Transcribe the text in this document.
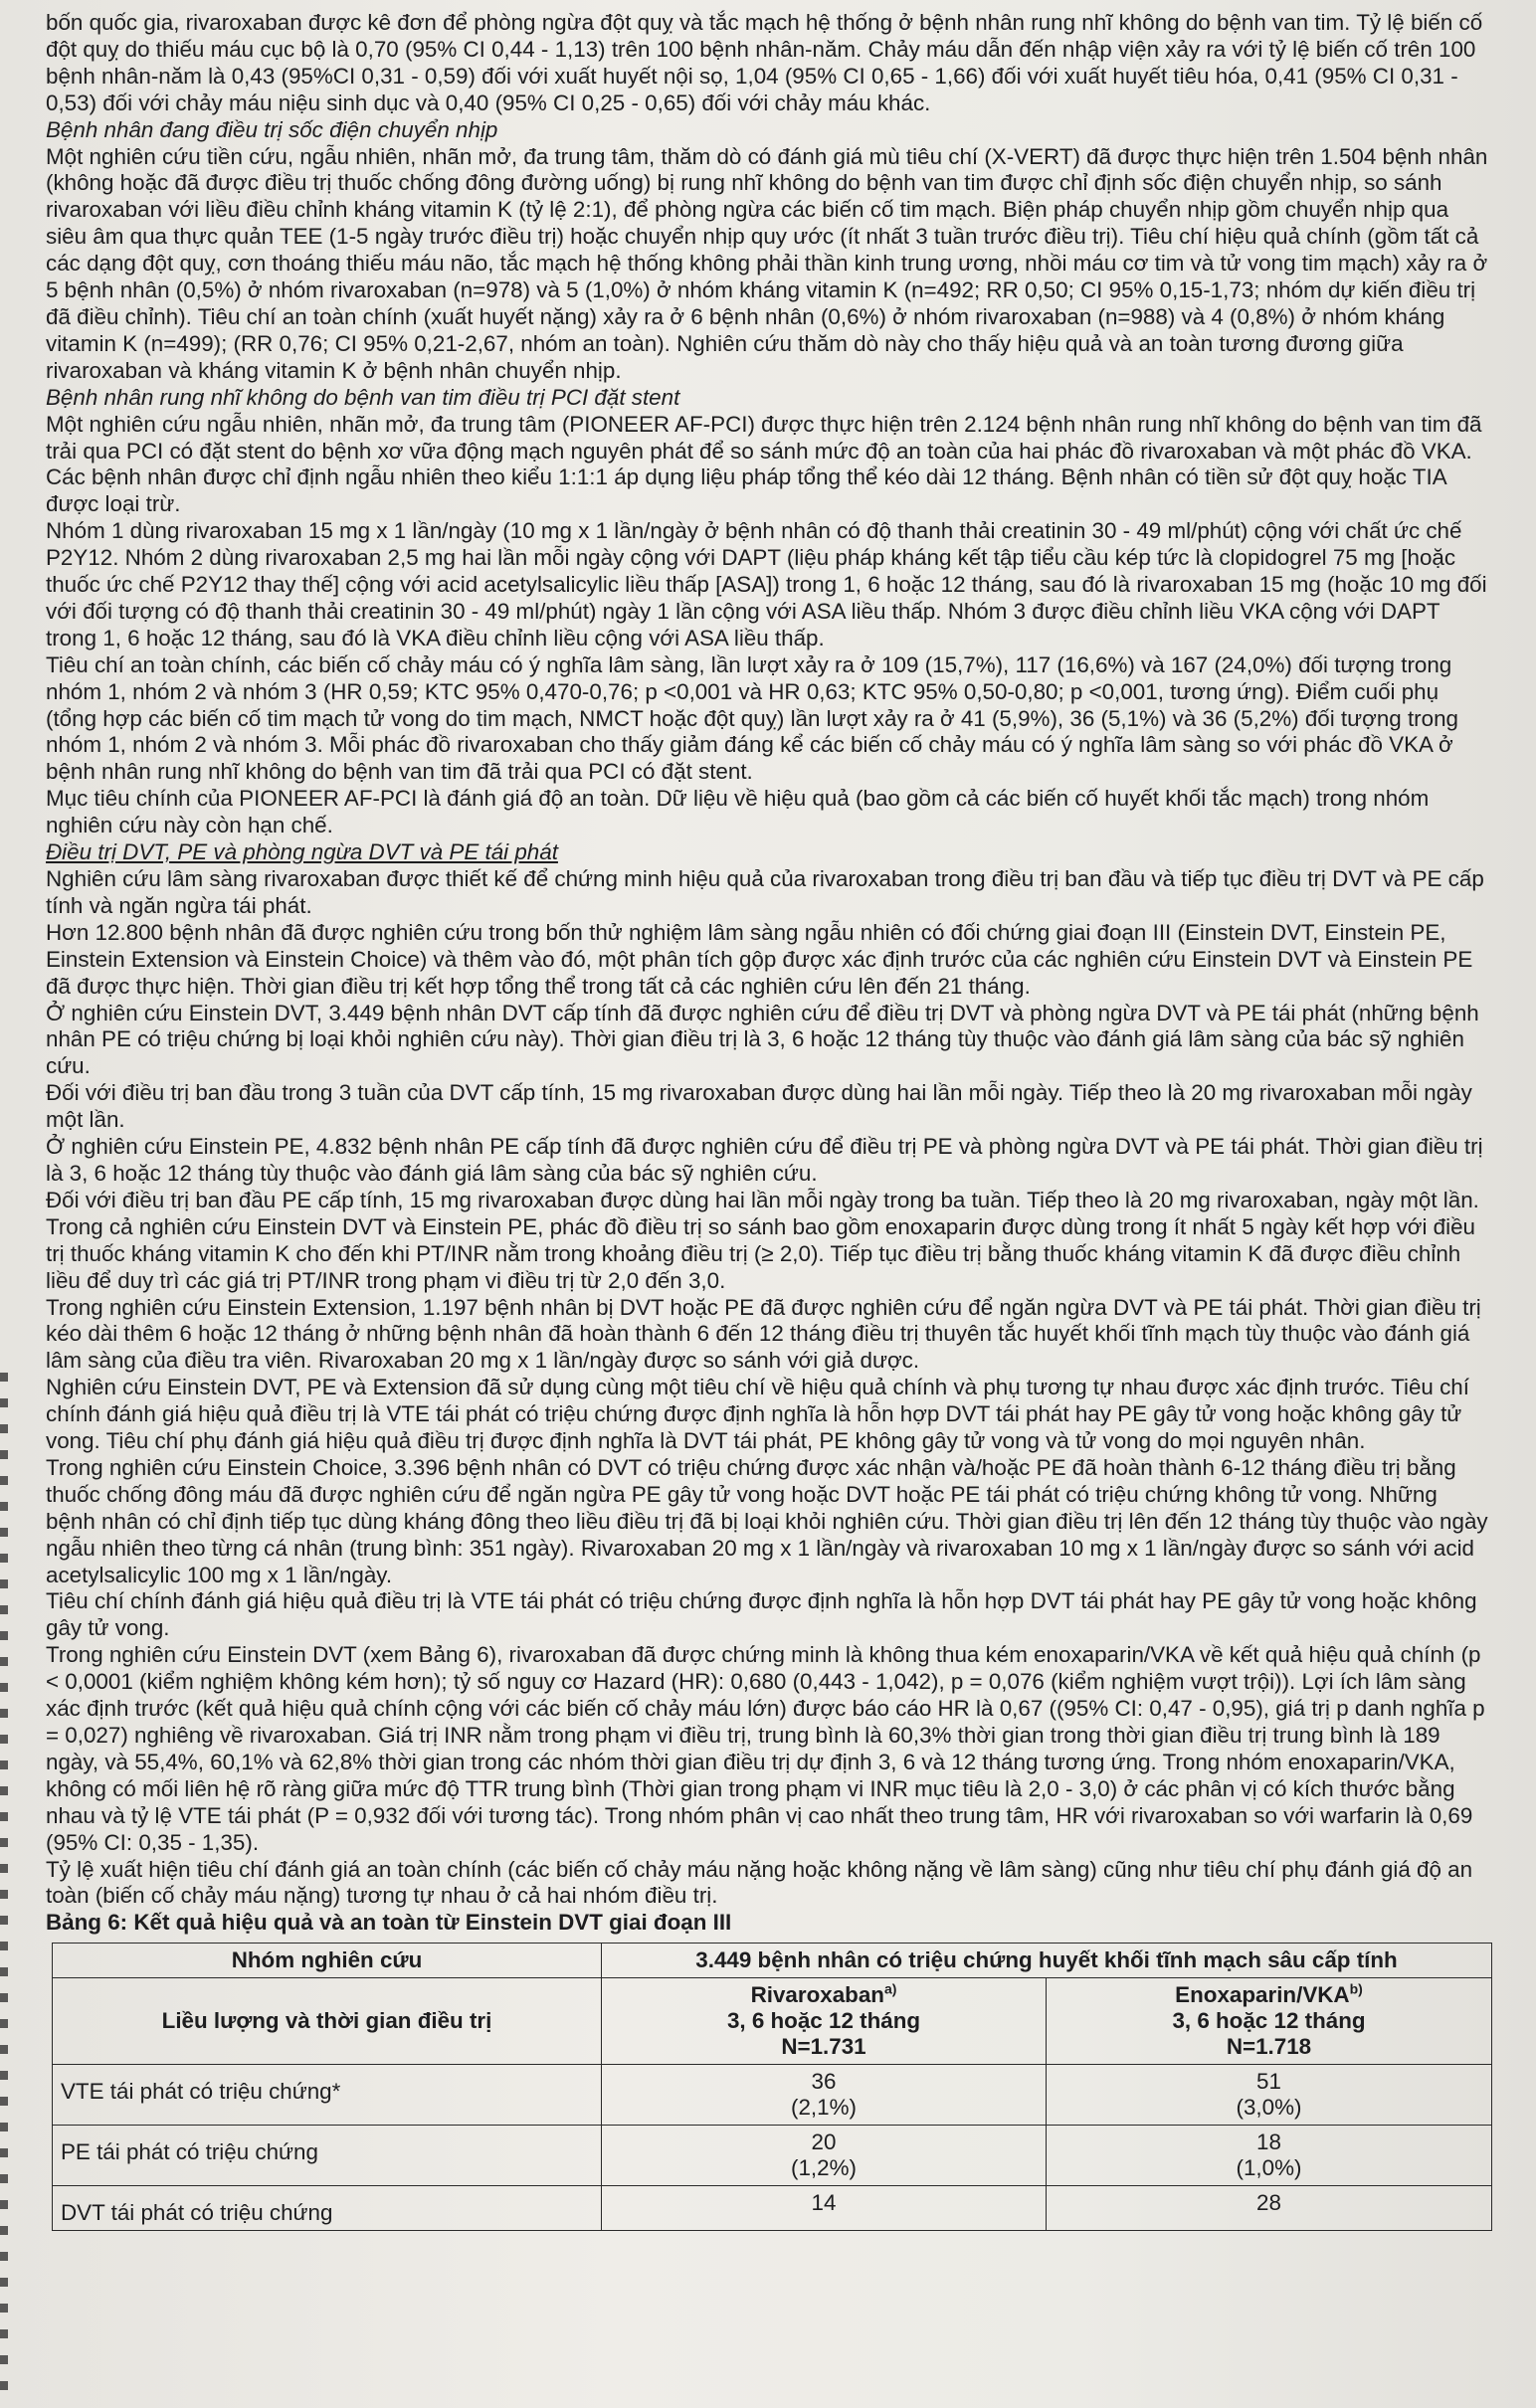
bốn quốc gia, rivaroxaban được kê đơn để phòng ngừa đột quỵ và tắc mạch hệ thống ở bệnh nhân rung nhĩ không do bệnh van tim. Tỷ lệ biến cố đột quỵ do thiếu máu cục bộ là 0,70 (95% CI 0,44 - 1,13) trên 100 bệnh nhân-năm. Chảy máu dẫn đến nhập viện xảy ra với tỷ lệ biến cố trên 100 bệnh nhân-năm là 0,43 (95%CI 0,31 - 0,59) đối với xuất huyết nội sọ, 1,04 (95% CI 0,65 - 1,66) đối với xuất huyết tiêu hóa, 0,41 (95% CI 0,31 - 0,53) đối với chảy máu niệu sinh dục và 0,40 (95% CI 0,25 - 0,65) đối với chảy máu khác.

Bệnh nhân đang điều trị sốc điện chuyển nhịp

Một nghiên cứu tiền cứu, ngẫu nhiên, nhãn mở, đa trung tâm, thăm dò có đánh giá mù tiêu chí (X-VERT) đã được thực hiện trên 1.504 bệnh nhân (không hoặc đã được điều trị thuốc chống đông đường uống) bị rung nhĩ không do bệnh van tim được chỉ định sốc điện chuyển nhịp, so sánh rivaroxaban với liều điều chỉnh kháng vitamin K (tỷ lệ 2:1), để phòng ngừa các biến cố tim mạch. Biện pháp chuyển nhịp gồm chuyển nhịp qua siêu âm qua thực quản TEE (1-5 ngày trước điều trị) hoặc chuyển nhịp quy ước (ít nhất 3 tuần trước điều trị). Tiêu chí hiệu quả chính (gồm tất cả các dạng đột quỵ, cơn thoáng thiếu máu não, tắc mạch hệ thống không phải thần kinh trung ương, nhồi máu cơ tim và tử vong tim mạch) xảy ra ở 5 bệnh nhân (0,5%) ở nhóm rivaroxaban (n=978) và 5 (1,0%) ở nhóm kháng vitamin K (n=492; RR 0,50; CI 95% 0,15-1,73; nhóm dự kiến điều trị đã điều chỉnh). Tiêu chí an toàn chính (xuất huyết nặng) xảy ra ở 6 bệnh nhân (0,6%) ở nhóm rivaroxaban (n=988) và 4 (0,8%) ở nhóm kháng vitamin K (n=499); (RR 0,76; CI 95% 0,21-2,67, nhóm an toàn). Nghiên cứu thăm dò này cho thấy hiệu quả và an toàn tương đương giữa rivaroxaban và kháng vitamin K ở bệnh nhân chuyển nhịp.

Bệnh nhân rung nhĩ không do bệnh van tim điều trị PCI đặt stent

Một nghiên cứu ngẫu nhiên, nhãn mở, đa trung tâm (PIONEER AF-PCI) được thực hiện trên 2.124 bệnh nhân rung nhĩ không do bệnh van tim đã trải qua PCI có đặt stent do bệnh xơ vữa động mạch nguyên phát để so sánh mức độ an toàn của hai phác đồ rivaroxaban và một phác đồ VKA. Các bệnh nhân được chỉ định ngẫu nhiên theo kiểu 1:1:1 áp dụng liệu pháp tổng thể kéo dài 12 tháng. Bệnh nhân có tiền sử đột quỵ hoặc TIA được loại trừ.

Nhóm 1 dùng rivaroxaban 15 mg x 1 lần/ngày (10 mg x 1 lần/ngày ở bệnh nhân có độ thanh thải creatinin 30 - 49 ml/phút) cộng với chất ức chế P2Y12. Nhóm 2 dùng rivaroxaban 2,5 mg hai lần mỗi ngày cộng với DAPT (liệu pháp kháng kết tập tiểu cầu kép tức là clopidogrel 75 mg [hoặc thuốc ức chế P2Y12 thay thế] cộng với acid acetylsalicylic liều thấp [ASA]) trong 1, 6 hoặc 12 tháng, sau đó là rivaroxaban 15 mg (hoặc 10 mg đối với đối tượng có độ thanh thải creatinin 30 - 49 ml/phút) ngày 1 lần cộng với ASA liều thấp. Nhóm 3 được điều chỉnh liều VKA cộng với DAPT trong 1, 6 hoặc 12 tháng, sau đó là VKA điều chỉnh liều cộng với ASA liều thấp.

Tiêu chí an toàn chính, các biến cố chảy máu có ý nghĩa lâm sàng, lần lượt xảy ra ở 109 (15,7%), 117 (16,6%) và 167 (24,0%) đối tượng trong nhóm 1, nhóm 2 và nhóm 3 (HR 0,59; KTC 95% 0,470-0,76; p <0,001 và HR 0,63; KTC 95% 0,50-0,80; p <0,001, tương ứng). Điểm cuối phụ (tổng hợp các biến cố tim mạch tử vong do tim mạch, NMCT hoặc đột quỵ) lần lượt xảy ra ở 41 (5,9%), 36 (5,1%) và 36 (5,2%) đối tượng trong nhóm 1, nhóm 2 và nhóm 3. Mỗi phác đồ rivaroxaban cho thấy giảm đáng kể các biến cố chảy máu có ý nghĩa lâm sàng so với phác đồ VKA ở bệnh nhân rung nhĩ không do bệnh van tim đã trải qua PCI có đặt stent.

Mục tiêu chính của PIONEER AF-PCI là đánh giá độ an toàn. Dữ liệu về hiệu quả (bao gồm cả các biến cố huyết khối tắc mạch) trong nhóm nghiên cứu này còn hạn chế.

Điều trị DVT, PE và phòng ngừa DVT và PE tái phát

Nghiên cứu lâm sàng rivaroxaban được thiết kế để chứng minh hiệu quả của rivaroxaban trong điều trị ban đầu và tiếp tục điều trị DVT và PE cấp tính và ngăn ngừa tái phát.

Hơn 12.800 bệnh nhân đã được nghiên cứu trong bốn thử nghiệm lâm sàng ngẫu nhiên có đối chứng giai đoạn III (Einstein DVT, Einstein PE, Einstein Extension và Einstein Choice) và thêm vào đó, một phân tích gộp được xác định trước của các nghiên cứu Einstein DVT và Einstein PE đã được thực hiện. Thời gian điều trị kết hợp tổng thể trong tất cả các nghiên cứu lên đến 21 tháng.

Ở nghiên cứu Einstein DVT, 3.449 bệnh nhân DVT cấp tính đã được nghiên cứu để điều trị DVT và phòng ngừa DVT và PE tái phát (những bệnh nhân PE có triệu chứng bị loại khỏi nghiên cứu này). Thời gian điều trị là 3, 6 hoặc 12 tháng tùy thuộc vào đánh giá lâm sàng của bác sỹ nghiên cứu.

Đối với điều trị ban đầu trong 3 tuần của DVT cấp tính, 15 mg rivaroxaban được dùng hai lần mỗi ngày. Tiếp theo là 20 mg rivaroxaban mỗi ngày một lần.

Ở nghiên cứu Einstein PE, 4.832 bệnh nhân PE cấp tính đã được nghiên cứu để điều trị PE và phòng ngừa DVT và PE tái phát. Thời gian điều trị là 3, 6 hoặc 12 tháng tùy thuộc vào đánh giá lâm sàng của bác sỹ nghiên cứu.

Đối với điều trị ban đầu PE cấp tính, 15 mg rivaroxaban được dùng hai lần mỗi ngày trong ba tuần. Tiếp theo là 20 mg rivaroxaban, ngày một lần.

Trong cả nghiên cứu Einstein DVT và Einstein PE, phác đồ điều trị so sánh bao gồm enoxaparin được dùng trong ít nhất 5 ngày kết hợp với điều trị thuốc kháng vitamin K cho đến khi PT/INR nằm trong khoảng điều trị (≥ 2,0). Tiếp tục điều trị bằng thuốc kháng vitamin K đã được điều chỉnh liều để duy trì các giá trị PT/INR trong phạm vi điều trị từ 2,0 đến 3,0.

Trong nghiên cứu Einstein Extension, 1.197 bệnh nhân bị DVT hoặc PE đã được nghiên cứu để ngăn ngừa DVT và PE tái phát. Thời gian điều trị kéo dài thêm 6 hoặc 12 tháng ở những bệnh nhân đã hoàn thành 6 đến 12 tháng điều trị thuyên tắc huyết khối tĩnh mạch tùy thuộc vào đánh giá lâm sàng của điều tra viên. Rivaroxaban 20 mg x 1 lần/ngày được so sánh với giả dược.

Nghiên cứu Einstein DVT, PE và Extension đã sử dụng cùng một tiêu chí về hiệu quả chính và phụ tương tự nhau được xác định trước. Tiêu chí chính đánh giá hiệu quả điều trị là VTE tái phát có triệu chứng được định nghĩa là hỗn hợp DVT tái phát hay PE gây tử vong hoặc không gây tử vong. Tiêu chí phụ đánh giá hiệu quả điều trị được định nghĩa là DVT tái phát, PE không gây tử vong và tử vong do mọi nguyên nhân.

Trong nghiên cứu Einstein Choice, 3.396 bệnh nhân có DVT có triệu chứng được xác nhận và/hoặc PE đã hoàn thành 6-12 tháng điều trị bằng thuốc chống đông máu đã được nghiên cứu để ngăn ngừa PE gây tử vong hoặc DVT hoặc PE tái phát có triệu chứng không tử vong. Những bệnh nhân có chỉ định tiếp tục dùng kháng đông theo liều điều trị đã bị loại khỏi nghiên cứu. Thời gian điều trị lên đến 12 tháng tùy thuộc vào ngày ngẫu nhiên theo từng cá nhân (trung bình: 351 ngày). Rivaroxaban 20 mg x 1 lần/ngày và rivaroxaban 10 mg x 1 lần/ngày được so sánh với acid acetylsalicylic 100 mg x 1 lần/ngày.

Tiêu chí chính đánh giá hiệu quả điều trị là VTE tái phát có triệu chứng được định nghĩa là hỗn hợp DVT tái phát hay PE gây tử vong hoặc không gây tử vong.

Trong nghiên cứu Einstein DVT (xem Bảng 6), rivaroxaban đã được chứng minh là không thua kém enoxaparin/VKA về kết quả hiệu quả chính (p < 0,0001 (kiểm nghiệm không kém hơn); tỷ số nguy cơ Hazard (HR): 0,680 (0,443 - 1,042), p = 0,076 (kiểm nghiệm vượt trội)). Lợi ích lâm sàng xác định trước (kết quả hiệu quả chính cộng với các biến cố chảy máu lớn) được báo cáo HR là 0,67 ((95% CI: 0,47 - 0,95), giá trị p danh nghĩa p = 0,027) nghiêng về rivaroxaban. Giá trị INR nằm trong phạm vi điều trị, trung bình là 60,3% thời gian trong thời gian điều trị trung bình là 189 ngày, và 55,4%, 60,1% và 62,8% thời gian trong các nhóm thời gian điều trị dự định 3, 6 và 12 tháng tương ứng. Trong nhóm enoxaparin/VKA, không có mối liên hệ rõ ràng giữa mức độ TTR trung bình (Thời gian trong phạm vi INR mục tiêu là 2,0 - 3,0) ở các phân vị có kích thước bằng nhau và tỷ lệ VTE tái phát (P = 0,932 đối với tương tác). Trong nhóm phân vị cao nhất theo trung tâm, HR với rivaroxaban so với warfarin là 0,69 (95% CI: 0,35 - 1,35).

Tỷ lệ xuất hiện tiêu chí đánh giá an toàn chính (các biến cố chảy máu nặng hoặc không nặng về lâm sàng) cũng như tiêu chí phụ đánh giá độ an toàn (biến cố chảy máu nặng) tương tự nhau ở cả hai nhóm điều trị.

Bảng 6: Kết quả hiệu quả và an toàn từ Einstein DVT giai đoạn III

Nhóm nghiên cứu	3.449 bệnh nhân có triệu chứng huyết khối tĩnh mạch sâu cấp tính	
Liều lượng và thời gian điều trị	Rivaroxaban$^{a)}$
3, 6 hoặc 12 tháng
N=1.731	Enoxaparin/VKA$^{b)}$
3, 6 hoặc 12 tháng
N=1.718
VTE tái phát có triệu chứng*	36
(2,1%)	51
(3,0%)
PE tái phát có triệu chứng	20
(1,2%)	18
(1,0%)
DVT tái phát có triệu chứng	14	28
